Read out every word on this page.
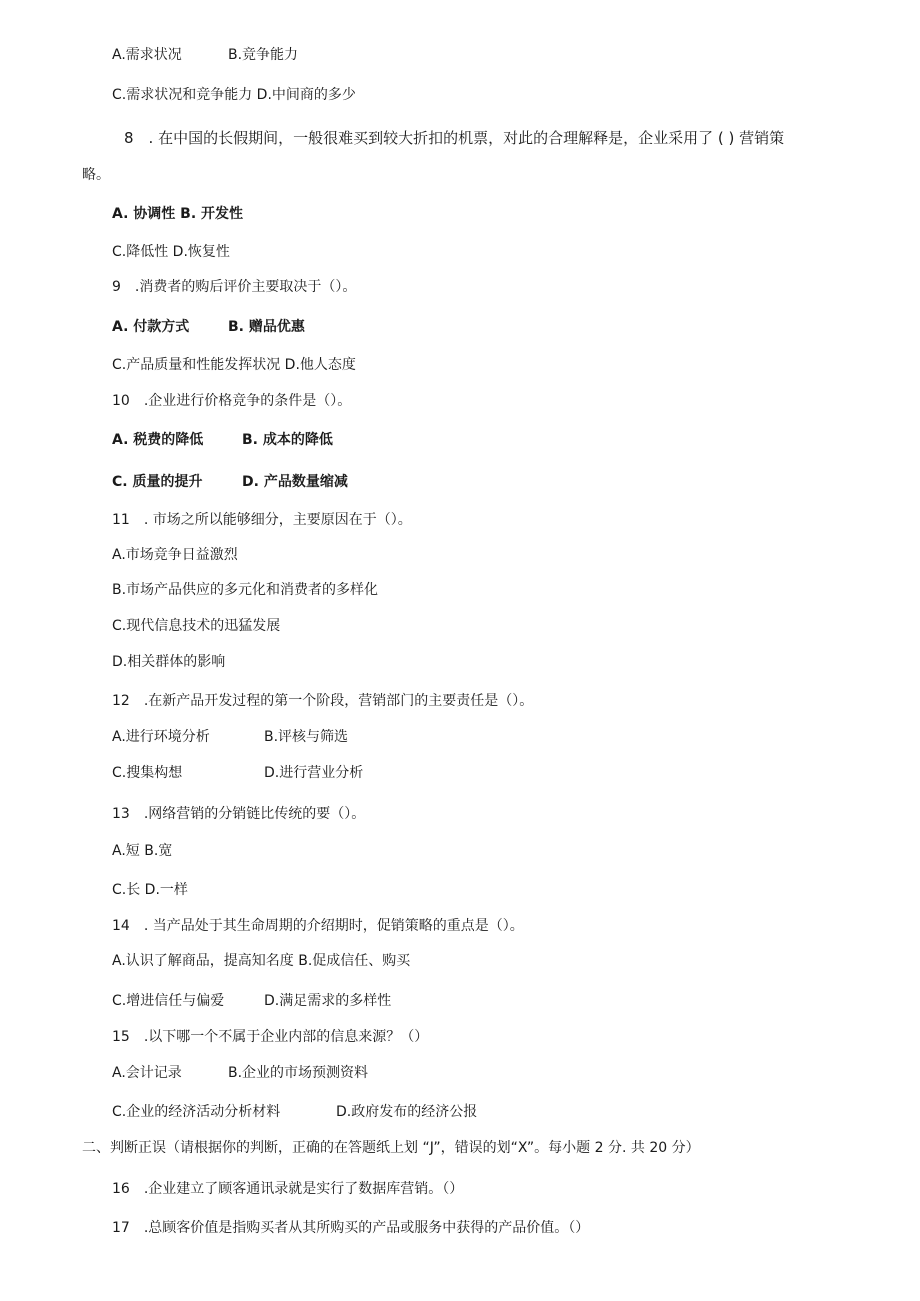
A.需求状况	B.竞争能力
C.需求状况和竞争能力 D.中间商的多少
8　. 在中国的长假期间，一般很难买到较大折扣的机票，对此的合理解释是，企业采用了 ( ) 营销策
略。
A. 协调性 B. 开发性
C.降低性 D.恢复性
9　.消费者的购后评价主要取决于（）。
A. 付款方式	B. 赠品优惠
C.产品质量和性能发挥状况 D.他人态度
10　.企业进行价格竞争的条件是（）。
A. 税费的降低	B. 成本的降低
C. 质量的提升	D. 产品数量缩减
11　. 市场之所以能够细分，主要原因在于（）。
A.市场竞争日益激烈
B.市场产品供应的多元化和消费者的多样化
C.现代信息技术的迅猛发展
D.相关群体的影响
12　.在新产品开发过程的第一个阶段，营销部门的主要责任是（）。
A.进行环境分析	B.评核与筛选
C.搜集构想	D.进行营业分析
13　.网络营销的分销链比传统的要（）。
A.短 B.宽
C.长 D.一样
14　. 当产品处于其生命周期的介绍期时，促销策略的重点是（）。
A.认识了解商品，提高知名度 B.促成信任、购买
C.增进信任与偏爱	D.满足需求的多样性
15　.以下哪一个不属于企业内部的信息来源？（）
A.会计记录	B.企业的市场预测资料
C.企业的经济活动分析材料	D.政府发布的经济公报
二、判断正误（请根据你的判断，正确的在答题纸上划 “J”，错误的划“X”。每小题 2 分. 共 20 分）
16　.企业建立了顾客通讯录就是实行了数据库营销。（）
17　.总顾客价值是指购买者从其所购买的产品或服务中获得的产品价值。（）
